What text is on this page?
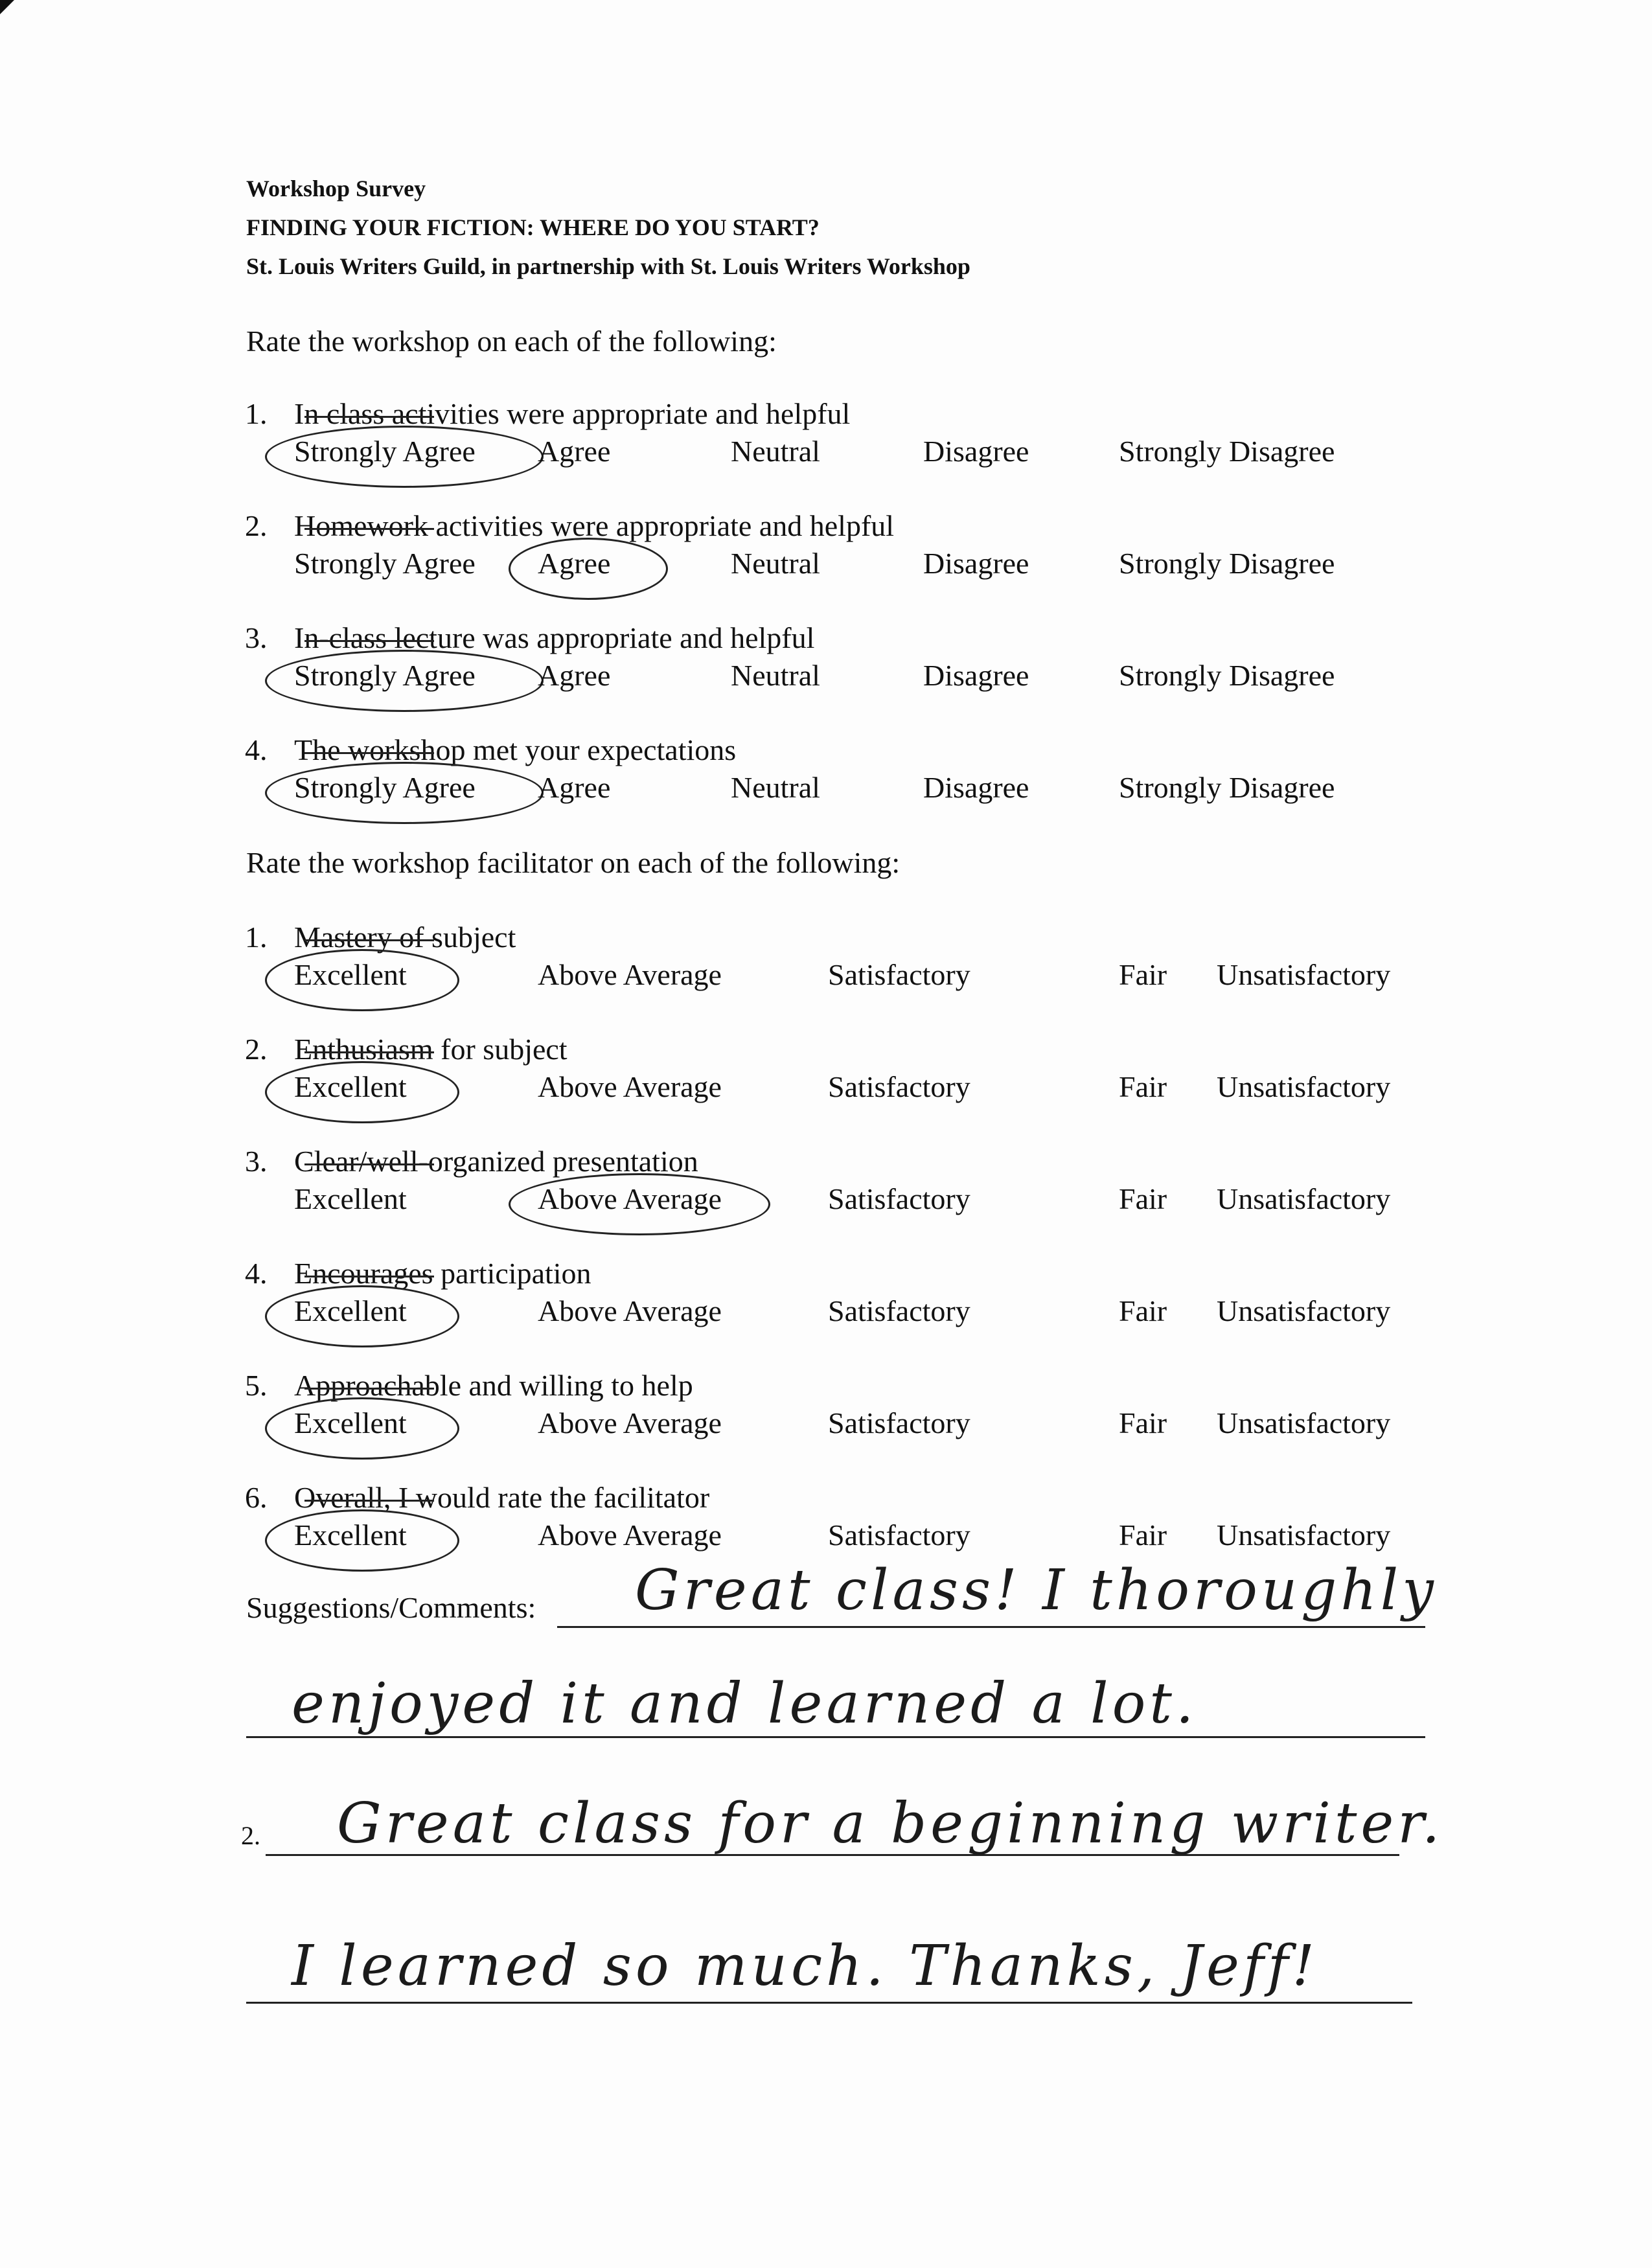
Workshop Survey
FINDING YOUR FICTION: WHERE DO YOU START?
St. Louis Writers Guild, in partnership with St. Louis Writers Workshop
Rate the workshop on each of the following:
1. In class activities were appropriate and helpful
Strongly Agree Agree	Neutral	Disagree	Strongly Disagree
2. Homework activities were appropriate and helpful
Strongly Agree Agree	Neutral	Disagree	Strongly Disagree
3. In-class lecture was appropriate and helpful
Strongly Agree Agree	Neutral	Disagree	Strongly Disagree
4. The workshop met your expectations
Strongly Agree Agree	Neutral	Disagree	Strongly Disagree
Rate the workshop facilitator on each of the following:
1. Mastery of subject
Excellent	Above Average	Satisfactory	Fair Unsatisfactory
2. Enthusiasm for subject
Excellent	Above Average	Satisfactory	Fair Unsatisfactory
3. Clear/well-organized presentation
Excellent	Above Average	Satisfactory	Fair Unsatisfactory
4. Encourages participation
Excellent	Above Average	Satisfactory	Fair Unsatisfactory
5. Approachable and willing to help
Excellent	Above Average	Satisfactory	Fair Unsatisfactory
6. Overall, I would rate the facilitator
Excellent	Above Average	Satisfactory	Fair Unsatisfactory
Suggestions/Comments: Great class! I thoroughly
enjoyed it and learned a lot.
2. Great class for a beginning writer.
I learned so much. Thanks, Jeff!
